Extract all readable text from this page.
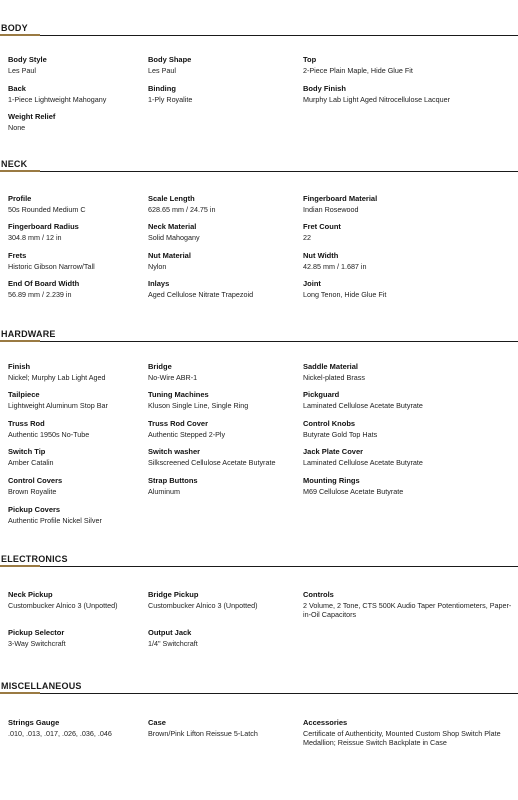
BODY
Body Style
Les Paul
Body Shape
Les Paul
Top
2-Piece Plain Maple, Hide Glue Fit
Back
1-Piece Lightweight Mahogany
Binding
1-Ply Royalite
Body Finish
Murphy Lab Light Aged Nitrocellulose Lacquer
Weight Relief
None
NECK
Profile
50s Rounded Medium C
Scale Length
628.65 mm / 24.75 in
Fingerboard Material
Indian Rosewood
Fingerboard Radius
304.8 mm / 12 in
Neck Material
Solid Mahogany
Fret Count
22
Frets
Historic Gibson Narrow/Tall
Nut Material
Nylon
Nut Width
42.85 mm / 1.687 in
End Of Board Width
56.89 mm / 2.239 in
Inlays
Aged Cellulose Nitrate Trapezoid
Joint
Long Tenon, Hide Glue Fit
HARDWARE
Finish
Nickel; Murphy Lab Light Aged
Bridge
No-Wire ABR-1
Saddle Material
Nickel-plated Brass
Tailpiece
Lightweight Aluminum Stop Bar
Tuning Machines
Kluson Single Line, Single Ring
Pickguard
Laminated Cellulose Acetate Butyrate
Truss Rod
Authentic 1950s No-Tube
Truss Rod Cover
Authentic Stepped 2-Ply
Control Knobs
Butyrate Gold Top Hats
Switch Tip
Amber Catalin
Switch washer
Silkscreened Cellulose Acetate Butyrate
Jack Plate Cover
Laminated Cellulose Acetate Butyrate
Control Covers
Brown Royalite
Strap Buttons
Aluminum
Mounting Rings
M69 Cellulose Acetate Butyrate
Pickup Covers
Authentic Profile Nickel Silver
ELECTRONICS
Neck Pickup
Custombucker Alnico 3 (Unpotted)
Bridge Pickup
Custombucker Alnico 3 (Unpotted)
Controls
2 Volume, 2 Tone, CTS 500K Audio Taper Potentiometers, Paper-in-Oil Capacitors
Pickup Selector
3-Way Switchcraft
Output Jack
1/4" Switchcraft
MISCELLANEOUS
Strings Gauge
.010, .013, .017, .026, .036, .046
Case
Brown/Pink Lifton Reissue 5-Latch
Accessories
Certificate of Authenticity, Mounted Custom Shop Switch Plate Medallion; Reissue Switch Backplate in Case
